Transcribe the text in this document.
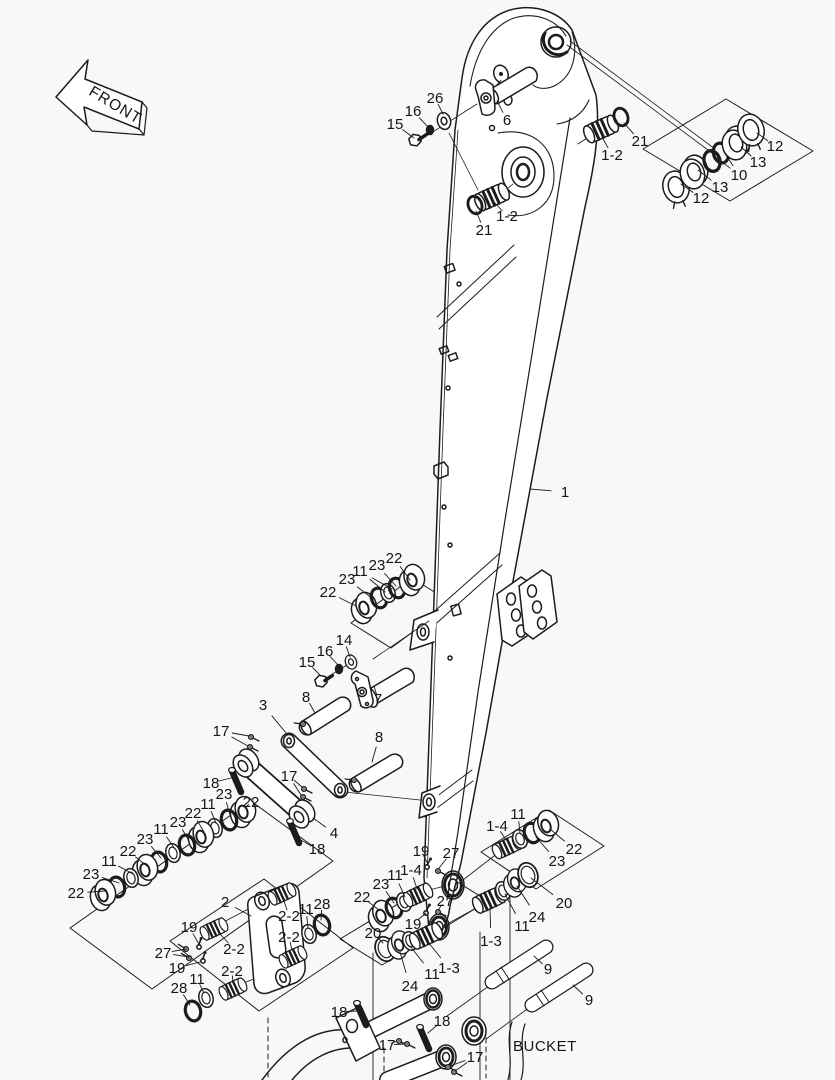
FRONT
BUCKET
15
16
26
6
1-2
21	12
13
10
13
12
1-2
21
1
22
23
11 23 22
14
16
15
7
3 8
8
17
18	17
4
18
23 22
11
22
23
11
23
22
11
23
22
2
2-2
2-2
2-2
2-2
19
27
19
28
11
11 28
18
19 27
1-4
11
23
22	27
19
20
24
11
1-3
11
1-4
22
23
20
24
11
1-3
9
9
18
17
17
